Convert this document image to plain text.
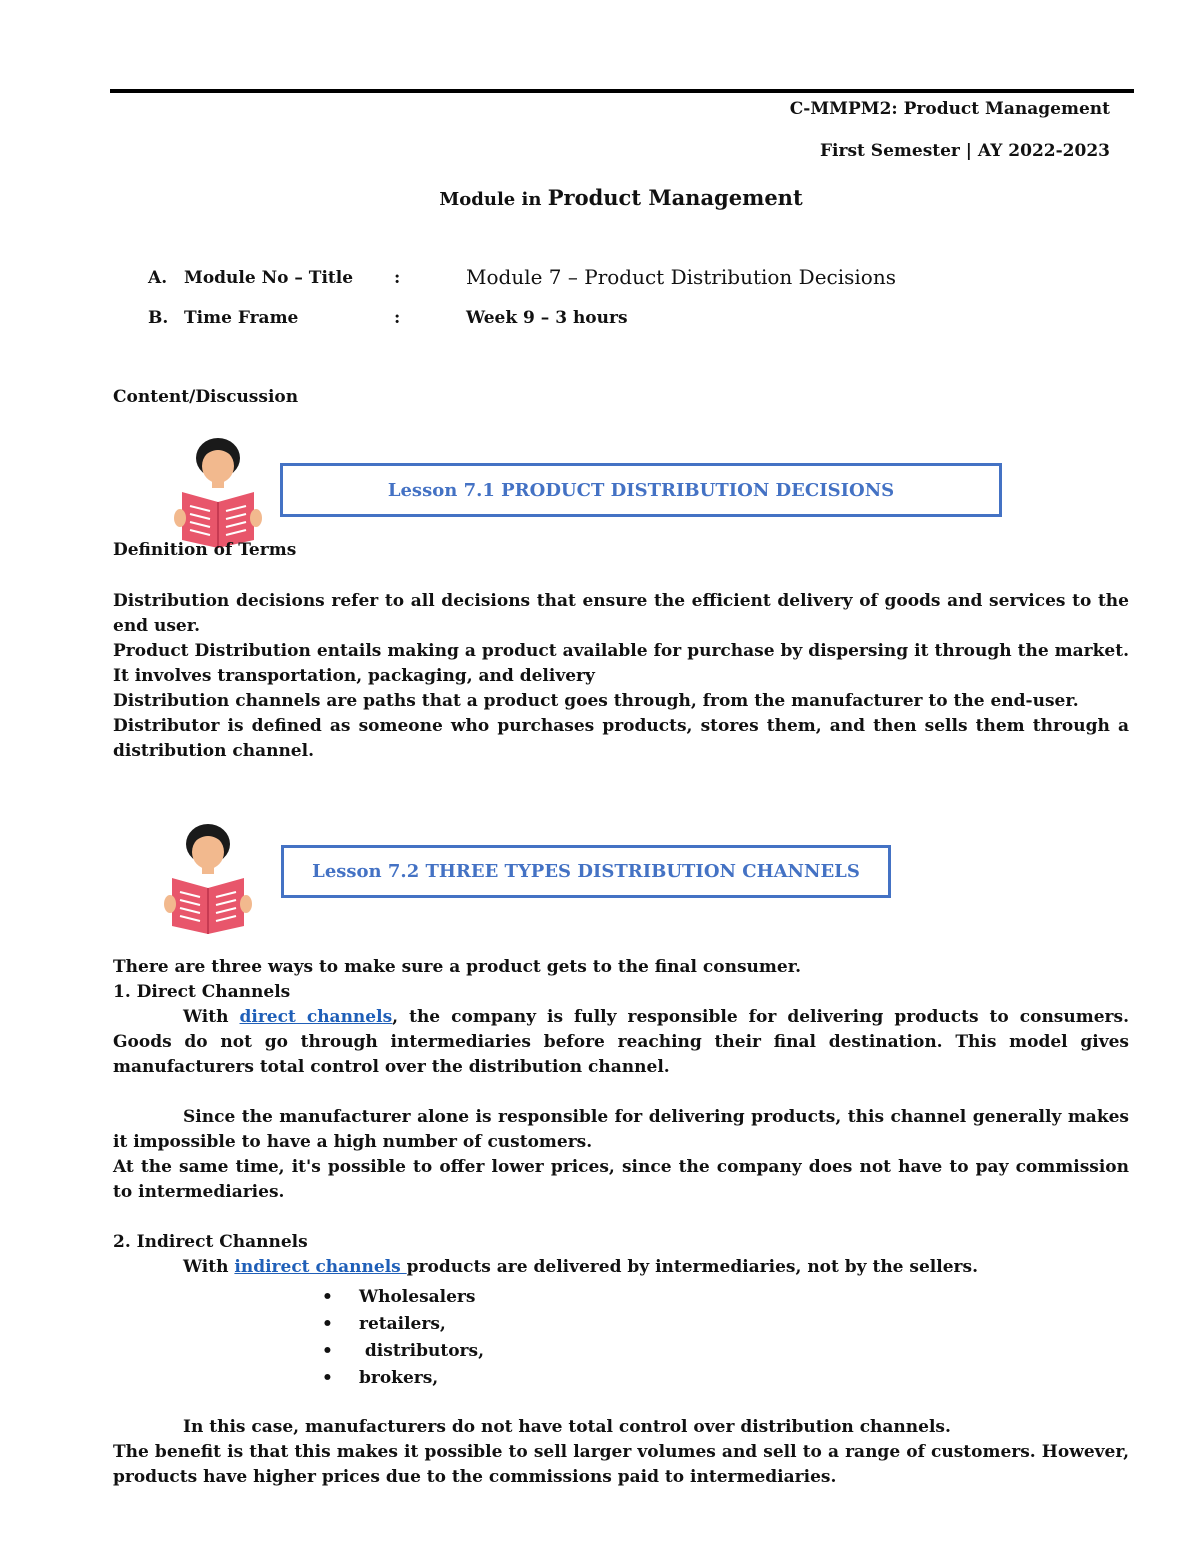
C-MMPM2: Product Management
First Semester | AY 2022-2023
Module in Product Management
A. Module No – Title :	Module 7 – Product Distribution Decisions
B. Time Frame	:	Week 9 – 3 hours
Content/Discussion
Lesson 7.1 PRODUCT DISTRIBUTION DECISIONS
Definition of Terms
Distribution decisions refer to all decisions that ensure the efficient delivery of goods and services to the end user.
Product Distribution entails making a product available for purchase by dispersing it through the market. It involves transportation, packaging, and delivery
Distribution channels are paths that a product goes through, from the manufacturer to the end-user.
Distributor is defined as someone who purchases products, stores them, and then sells them through a distribution channel.
Lesson 7.2 THREE TYPES DISTRIBUTION CHANNELS
There are three ways to make sure a product gets to the final consumer.
1. Direct Channels
With direct channels, the company is fully responsible for delivering products to consumers. Goods do not go through intermediaries before reaching their final destination. This model gives manufacturers total control over the distribution channel.
Since the manufacturer alone is responsible for delivering products, this channel generally makes it impossible to have a high number of customers.
At the same time, it's possible to offer lower prices, since the company does not have to pay commission to intermediaries.
2. Indirect Channels
With indirect channels products are delivered by intermediaries, not by the sellers.
• Wholesalers
• retailers,
• distributors,
• brokers,
In this case, manufacturers do not have total control over distribution channels.
The benefit is that this makes it possible to sell larger volumes and sell to a range of customers. However, products have higher prices due to the commissions paid to intermediaries.
